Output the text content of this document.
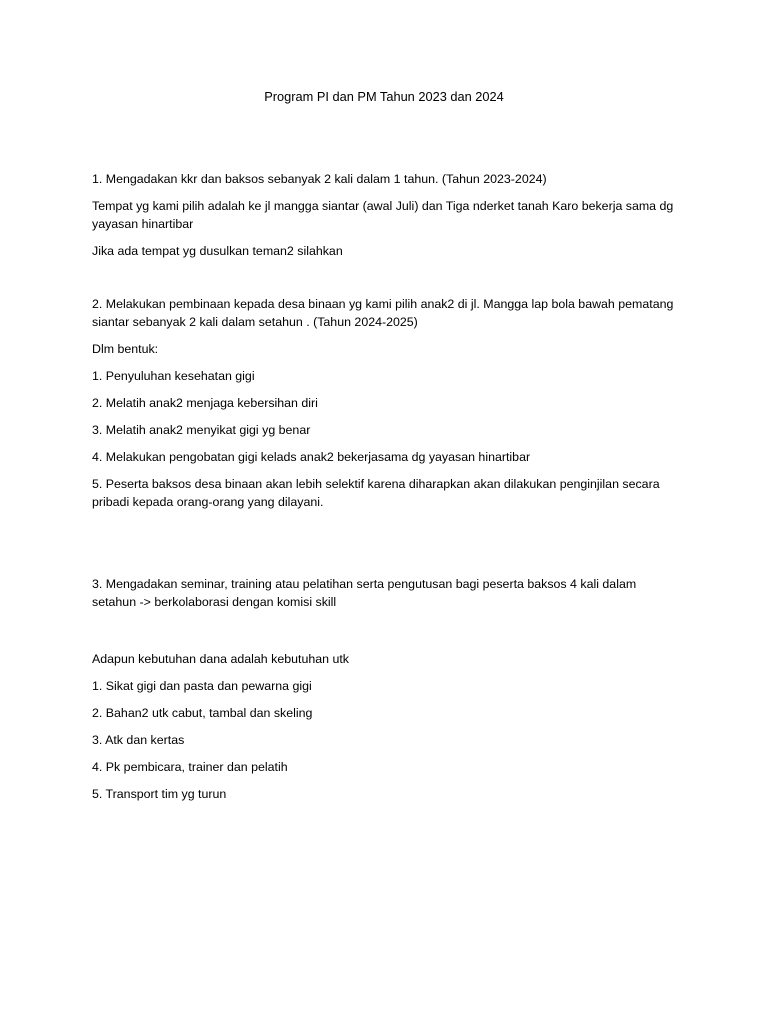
Program PI dan PM Tahun 2023 dan 2024

1. Mengadakan kkr dan baksos sebanyak 2 kali dalam 1 tahun. (Tahun 2023-2024)

Tempat yg kami pilih adalah ke jl mangga siantar (awal Juli) dan Tiga nderket tanah Karo bekerja sama dg yayasan hinartibar

Jika ada tempat yg dusulkan teman2 silahkan

2. Melakukan pembinaan kepada desa binaan yg kami pilih anak2 di jl. Mangga lap bola bawah pematang siantar sebanyak 2 kali dalam setahun . (Tahun 2024-2025)

Dlm bentuk:

1. Penyuluhan kesehatan gigi

2. Melatih anak2 menjaga kebersihan diri

3. Melatih anak2 menyikat gigi yg benar

4. Melakukan pengobatan gigi kelads anak2 bekerjasama dg yayasan hinartibar

5. Peserta baksos desa binaan akan lebih selektif karena diharapkan akan dilakukan penginjilan secara pribadi kepada orang-orang yang dilayani.

3. Mengadakan seminar, training atau pelatihan serta pengutusan bagi peserta baksos 4 kali dalam setahun -> berkolaborasi dengan komisi skill

Adapun kebutuhan dana adalah kebutuhan utk

1. Sikat gigi dan pasta dan pewarna gigi

2. Bahan2 utk cabut, tambal dan skeling

3. Atk dan kertas

4. Pk pembicara, trainer dan pelatih

5. Transport tim yg turun
